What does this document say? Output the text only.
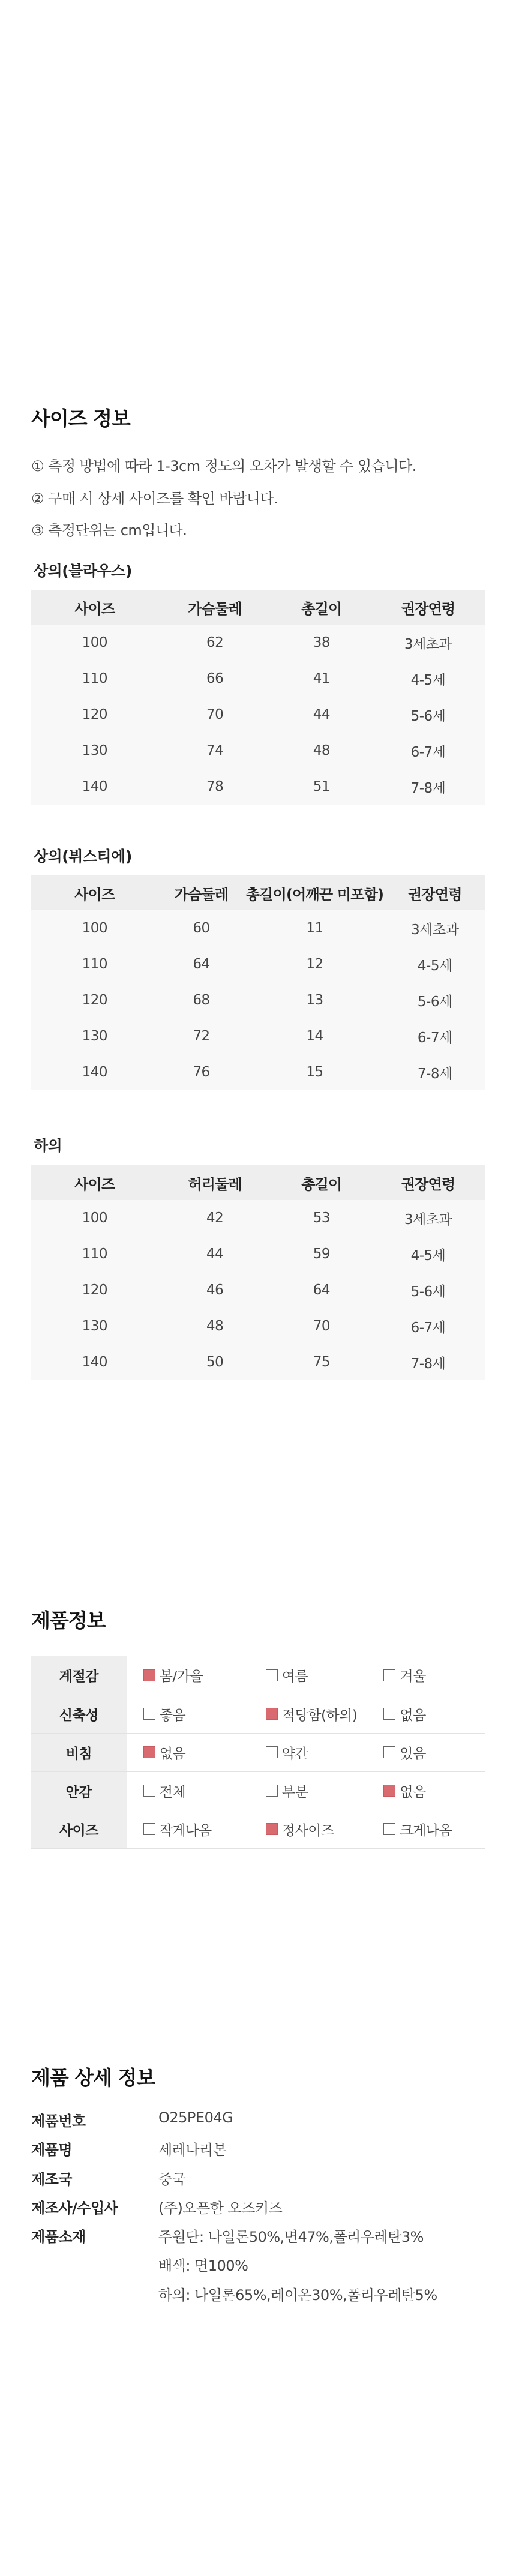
사이즈 정보
① 측정 방법에 따라 1-3cm 정도의 오차가 발생할 수 있습니다.
② 구매 시 상세 사이즈를 확인 바랍니다.
③ 측정단위는 cm입니다.
상의(블라우스)
사이즈	가슴둘레	총길이	권장연령
100	62	38	3세초과
110	66	41	4-5세
120	70	44	5-6세
130	74	48	6-7세
140	78	51	7-8세
상의(뷔스티에)
사이즈	가슴둘레	총길이(어깨끈 미포함)	권장연령
100	60	11	3세초과
110	64	12	4-5세
120	68	13	5-6세
130	72	14	6-7세
140	76	15	7-8세
하의
사이즈	허리둘레	총길이	권장연령
100	42	53	3세초과
110	44	59	4-5세
120	46	64	5-6세
130	48	70	6-7세
140	50	75	7-8세
제품정보
계절감	봄/가을	여름	겨울

신축성	좋음	적당함(하의)	없음

비침	없음	약간	있음

안감	전체	부분	없음

사이즈	작게나옴	정사이즈	크게나옴
제품 상세 정보
제품번호	O25PE04G
제품명	세레나리본
제조국	중국
제조사/수입사	(주)오픈한 오즈키즈
제품소재	주원단: 나일론50%,면47%,폴리우레탄3%
배색: 면100%
하의: 나일론65%,레이온30%,폴리우레탄5%
